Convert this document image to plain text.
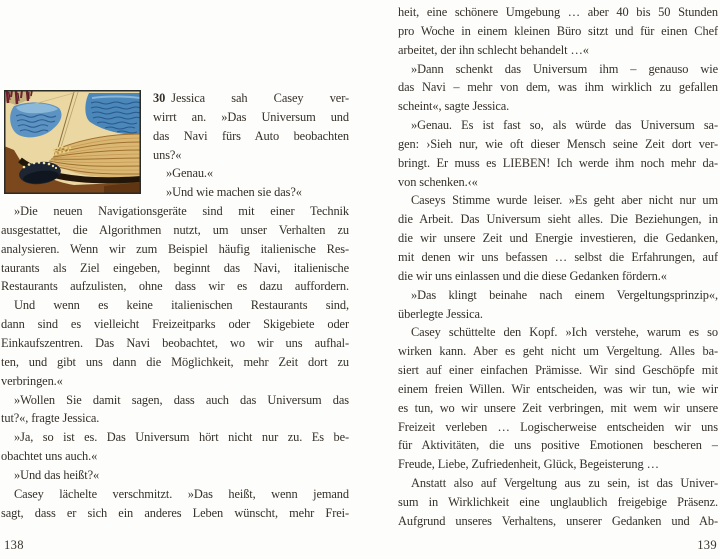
30 Jessica sah Casey ver-
wirrt an. »Das Universum und
das Navi fürs Auto beobachten
uns?«
»Genau.«
»Und wie machen sie das?«
»Die neuen Navigationsgeräte sind mit einer Technik
ausgestattet, die Algorithmen nutzt, um unser Verhalten zu
analysieren. Wenn wir zum Beispiel häufig italienische Res-
taurants als Ziel eingeben, beginnt das Navi, italienische
Restaurants aufzulisten, ohne dass wir es dazu auffordern.
Und wenn es keine italienischen Restaurants sind,
dann sind es vielleicht Freizeitparks oder Skigebiete oder
Einkaufszentren. Das Navi beobachtet, wo wir uns aufhal-
ten, und gibt uns dann die Möglichkeit, mehr Zeit dort zu
verbringen.«
»Wollen Sie damit sagen, dass auch das Universum das
tut?«, fragte Jessica.
»Ja, so ist es. Das Universum hört nicht nur zu. Es be-
obachtet uns auch.«
»Und das heißt?«
Casey lächelte verschmitzt. »Das heißt, wenn jemand
sagt, dass er sich ein anderes Leben wünscht, mehr Frei-
138
heit, eine schönere Umgebung … aber 40 bis 50 Stunden
pro Woche in einem kleinen Büro sitzt und für einen Chef
arbeitet, der ihn schlecht behandelt …«
»Dann schenkt das Universum ihm – genauso wie
das Navi – mehr von dem, was ihm wirklich zu gefallen
scheint«, sagte Jessica.
»Genau. Es ist fast so, als würde das Universum sa-
gen: ›Sieh nur, wie oft dieser Mensch seine Zeit dort ver-
bringt. Er muss es LIEBEN! Ich werde ihm noch mehr da-
von schenken.‹«
Caseys Stimme wurde leiser. »Es geht aber nicht nur um
die Arbeit. Das Universum sieht alles. Die Beziehungen, in
die wir unsere Zeit und Energie investieren, die Gedanken,
mit denen wir uns befassen … selbst die Erfahrungen, auf
die wir uns einlassen und die diese Gedanken fördern.«
»Das klingt beinahe nach einem Vergeltungsprinzip«,
überlegte Jessica.
Casey schüttelte den Kopf. »Ich verstehe, warum es so
wirken kann. Aber es geht nicht um Vergeltung. Alles ba-
siert auf einer einfachen Prämisse. Wir sind Geschöpfe mit
einem freien Willen. Wir entscheiden, was wir tun, wie wir
es tun, wo wir unsere Zeit verbringen, mit wem wir unsere
Freizeit verleben … Logischerweise entscheiden wir uns
für Aktivitäten, die uns positive Emotionen bescheren –
Freude, Liebe, Zufriedenheit, Glück, Begeisterung …
Anstatt also auf Vergeltung aus zu sein, ist das Univer-
sum in Wirklichkeit eine unglaublich freigebige Präsenz.
Aufgrund unseres Verhaltens, unserer Gedanken und Ab-
139
